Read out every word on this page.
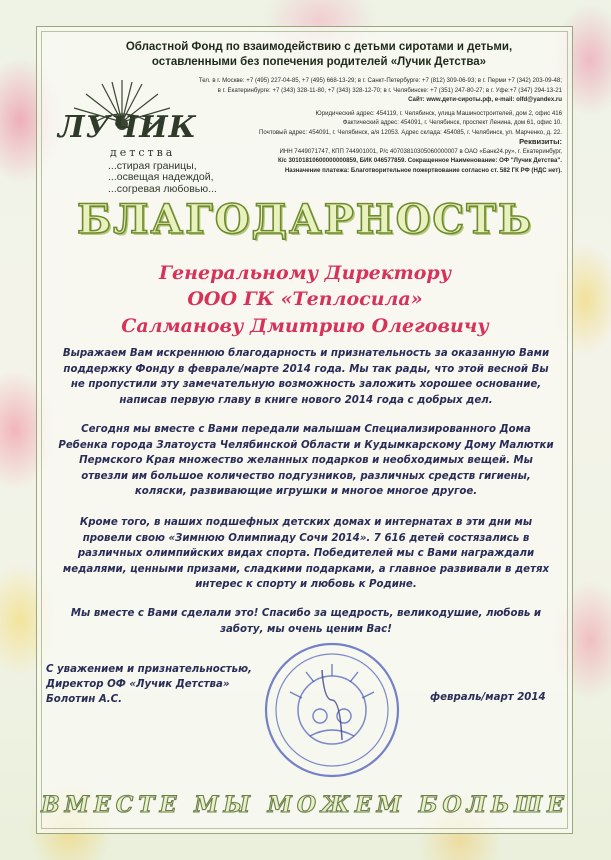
Областной Фонд по взаимодействию с детьми сиротами и детьми,
оставленными без попечения родителей «Лучик Детства»
ЛУЧИК
детства
...стирая границы,
...освещая надеждой,
...согревая любовью...
Тел. в г. Москве: +7 (495) 227-04-85, +7 (495) 668-13-29; в г. Санкт-Петербурге: +7 (812) 309-06-93; в г. Перми +7 (342) 203-09-48;
в г. Екатеринбурге: +7 (343) 328-11-80, +7 (343) 328-12-70; в г. Челябинске: +7 (351) 247-80-27; в г. Уфе:+7 (347) 294-13-21
Сайт: www.дети-сироты.рф, e-mail: olfd@yandex.ru
Юридический адрес: 454119, г. Челябинск, улица Машиностроителей, дом 2, офис 416
Фактический адрес: 454091, г. Челябинск, проспект Ленина, дом 61, офис 10.
Почтовый адрес: 454091, г. Челябинск, а/я 12053. Адрес склада: 454085, г. Челябинск, ул. Марченко, д. 22.
Реквизиты:
ИНН 7449071747, КПП 744901001, Р/с 40703810305060000007 в ОАО «Банк24.ру», г. Екатеринбург,
К/с 30101810600000000859, БИК 046577859. Сокращенное Наименование: ОФ "Лучик Детства".
Назначение платежа: Благотворительное пожертвование согласно ст. 582 ГК РФ (НДС нет).
БЛАГОДАРНОСТЬ
Генеральному Директору
ООО ГК «Теплосила»
Салманову Дмитрию Олеговичу
Выражаем Вам искреннюю благодарность и признательность за оказанную Вами поддержку Фонду в феврале/марте 2014 года. Мы так рады, что этой весной Вы не пропустили эту замечательную возможность заложить хорошее основание, написав первую главу в книге нового 2014 года с добрых дел.
Сегодня мы вместе с Вами передали малышам Специализированного Дома Ребенка города Златоуста Челябинской Области и Кудымкарскому Дому Малютки Пермского Края множество желанных подарков и необходимых вещей. Мы отвезли им большое количество подгузников, различных средств гигиены, коляски, развивающие игрушки и многое многое другое.
Кроме того, в наших подшефных детских домах и интернатах в эти дни мы провели свою «Зимнюю Олимпиаду Сочи 2014». 7 616 детей состязались в различных олимпийских видах спорта. Победителей мы с Вами награждали медалями, ценными призами, сладкими подарками, а главное развивали в детях интерес к спорту и любовь к Родине.
Мы вместе с Вами сделали это! Спасибо за щедрость, великодушие, любовь и заботу, мы очень ценим Вас!
С уважением и признательностью,
Директор ОФ «Лучик Детства»
Болотин А.С.	февраль/март 2014
ВМЕСТЕ МЫ МОЖЕМ БОЛЬШЕ
